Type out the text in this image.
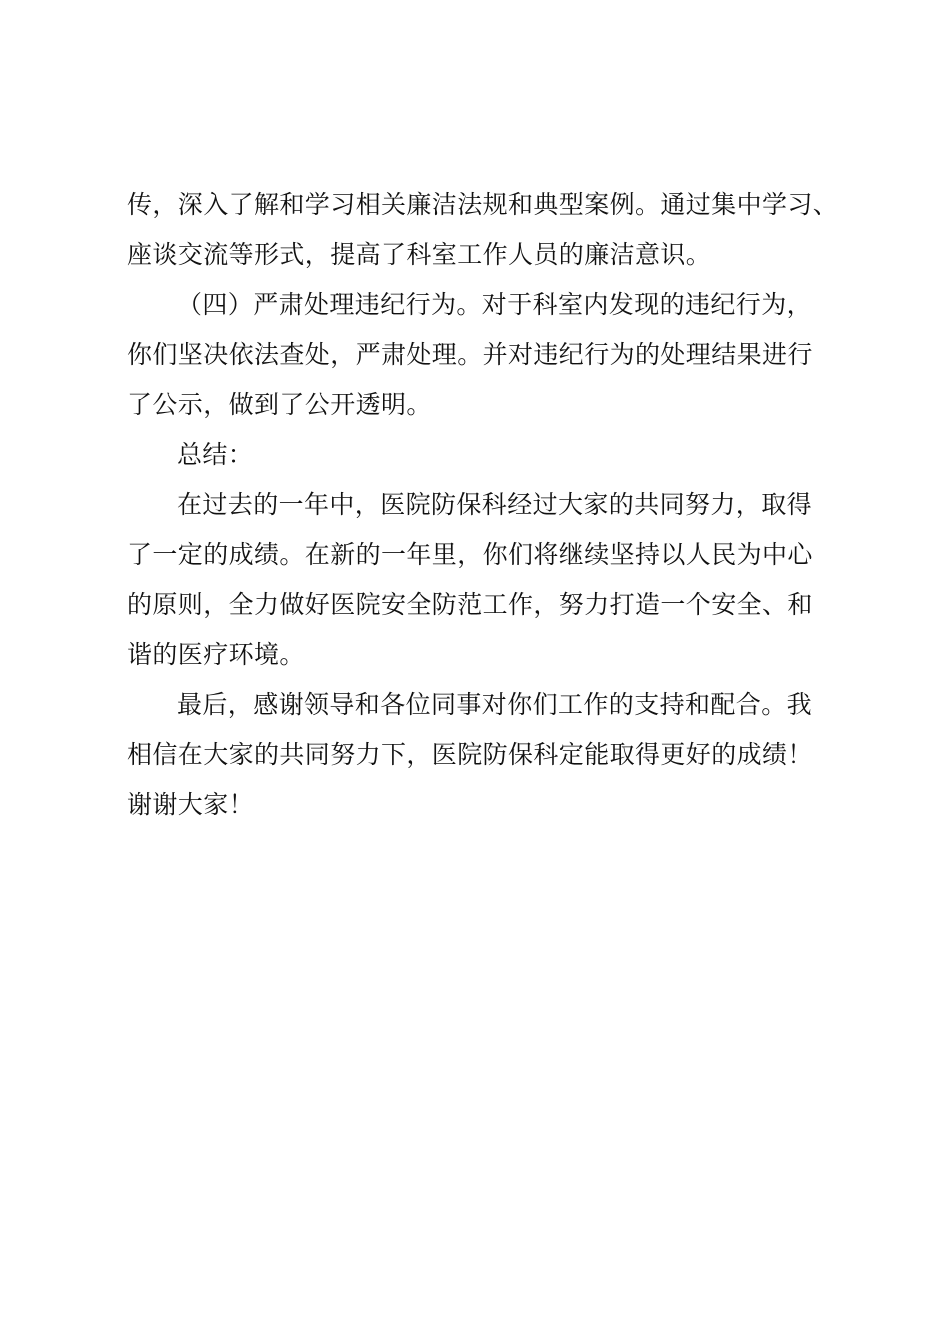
传，深入了解和学习相关廉洁法规和典型案例。通过集中学习、
座谈交流等形式，提高了科室工作人员的廉洁意识。
（四）严肃处理违纪行为。对于科室内发现的违纪行为，
你们坚决依法查处，严肃处理。并对违纪行为的处理结果进行
了公示，做到了公开透明。
总结：
在过去的一年中，医院防保科经过大家的共同努力，取得
了一定的成绩。在新的一年里，你们将继续坚持以人民为中心
的原则，全力做好医院安全防范工作，努力打造一个安全、和
谐的医疗环境。
最后，感谢领导和各位同事对你们工作的支持和配合。我
相信在大家的共同努力下，医院防保科定能取得更好的成绩！
谢谢大家！
